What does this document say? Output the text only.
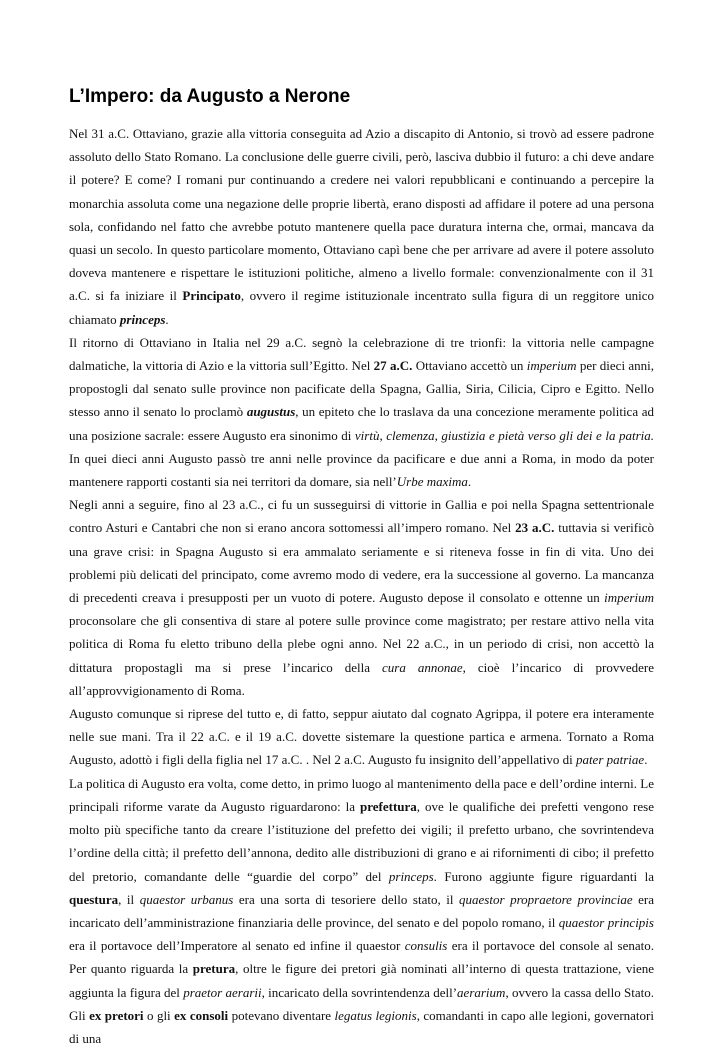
L’Impero: da Augusto a Nerone

Nel 31 a.C. Ottaviano, grazie alla vittoria conseguita ad Azio a discapito di Antonio, si trovò ad essere padrone assoluto dello Stato Romano. La conclusione delle guerre civili, però, lasciva dubbio il futuro: a chi deve andare il potere? E come? I romani pur continuando a credere nei valori repubblicani e continuando a percepire la monarchia assoluta come una negazione delle proprie libertà, erano disposti ad affidare il potere ad una persona sola, confidando nel fatto che avrebbe potuto mantenere quella pace duratura interna che, ormai, mancava da quasi un secolo. In questo particolare momento, Ottaviano capì bene che per arrivare ad avere il potere assoluto doveva mantenere e rispettare le istituzioni politiche, almeno a livello formale: convenzionalmente con il 31 a.C. si fa iniziare il Principato, ovvero il regime istituzionale incentrato sulla figura di un reggitore unico chiamato princeps.

Il ritorno di Ottaviano in Italia nel 29 a.C. segnò la celebrazione di tre trionfi: la vittoria nelle campagne dalmatiche, la vittoria di Azio e la vittoria sull’Egitto. Nel 27 a.C. Ottaviano accettò un imperium per dieci anni, propostogli dal senato sulle province non pacificate della Spagna, Gallia, Siria, Cilicia, Cipro e Egitto. Nello stesso anno il senato lo proclamò augustus, un epiteto che lo traslava da una concezione meramente politica ad una posizione sacrale: essere Augusto era sinonimo di virtù, clemenza, giustizia e pietà verso gli dei e la patria. In quei dieci anni Augusto passò tre anni nelle province da pacificare e due anni a Roma, in modo da poter mantenere rapporti costanti sia nei territori da domare, sia nell’Urbe maxima.

Negli anni a seguire, fino al 23 a.C., ci fu un susseguirsi di vittorie in Gallia e poi nella Spagna settentrionale contro Asturi e Cantabri che non si erano ancora sottomessi all’impero romano. Nel 23 a.C. tuttavia si verificò una grave crisi: in Spagna Augusto si era ammalato seriamente e si riteneva fosse in fin di vita. Uno dei problemi più delicati del principato, come avremo modo di vedere, era la successione al governo. La mancanza di precedenti creava i presupposti per un vuoto di potere. Augusto depose il consolato e ottenne un imperium proconsolare che gli consentiva di stare al potere sulle province come magistrato; per restare attivo nella vita politica di Roma fu eletto tribuno della plebe ogni anno. Nel 22 a.C., in un periodo di crisi, non accettò la dittatura propostagli ma si prese l’incarico della cura annonae, cioè l’incarico di provvedere all’approvvigionamento di Roma.

Augusto comunque si riprese del tutto e, di fatto, seppur aiutato dal cognato Agrippa, il potere era interamente nelle sue mani. Tra il 22 a.C. e il 19 a.C. dovette sistemare la questione partica e armena. Tornato a Roma Augusto, adottò i figli della figlia nel 17 a.C. . Nel 2 a.C. Augusto fu insignito dell’appellativo di pater patriae.

La politica di Augusto era volta, come detto, in primo luogo al mantenimento della pace e dell’ordine interni. Le principali riforme varate da Augusto riguardarono: la prefettura, ove le qualifiche dei prefetti vengono rese molto più specifiche tanto da creare l’istituzione del prefetto dei vigili; il prefetto urbano, che sovrintendeva l’ordine della città; il prefetto dell’annona, dedito alle distribuzioni di grano e ai rifornimenti di cibo; il prefetto del pretorio, comandante delle “guardie del corpo” del princeps. Furono aggiunte figure riguardanti la questura, il quaestor urbanus era una sorta di tesoriere dello stato, il quaestor propraetore provinciae era incaricato dell’amministrazione finanziaria delle province, del senato e del popolo romano, il quaestor principis era il portavoce dell’Imperatore al senato ed infine il quaestor consulis era il portavoce del console al senato. Per quanto riguarda la pretura, oltre le figure dei pretori già nominati all’interno di questa trattazione, viene aggiunta la figura del praetor aerarii, incaricato della sovrintendenza dell’aerarium, ovvero la cassa dello Stato. Gli ex pretori o gli ex consoli potevano diventare legatus legionis, comandanti in capo alle legioni, governatori di una
